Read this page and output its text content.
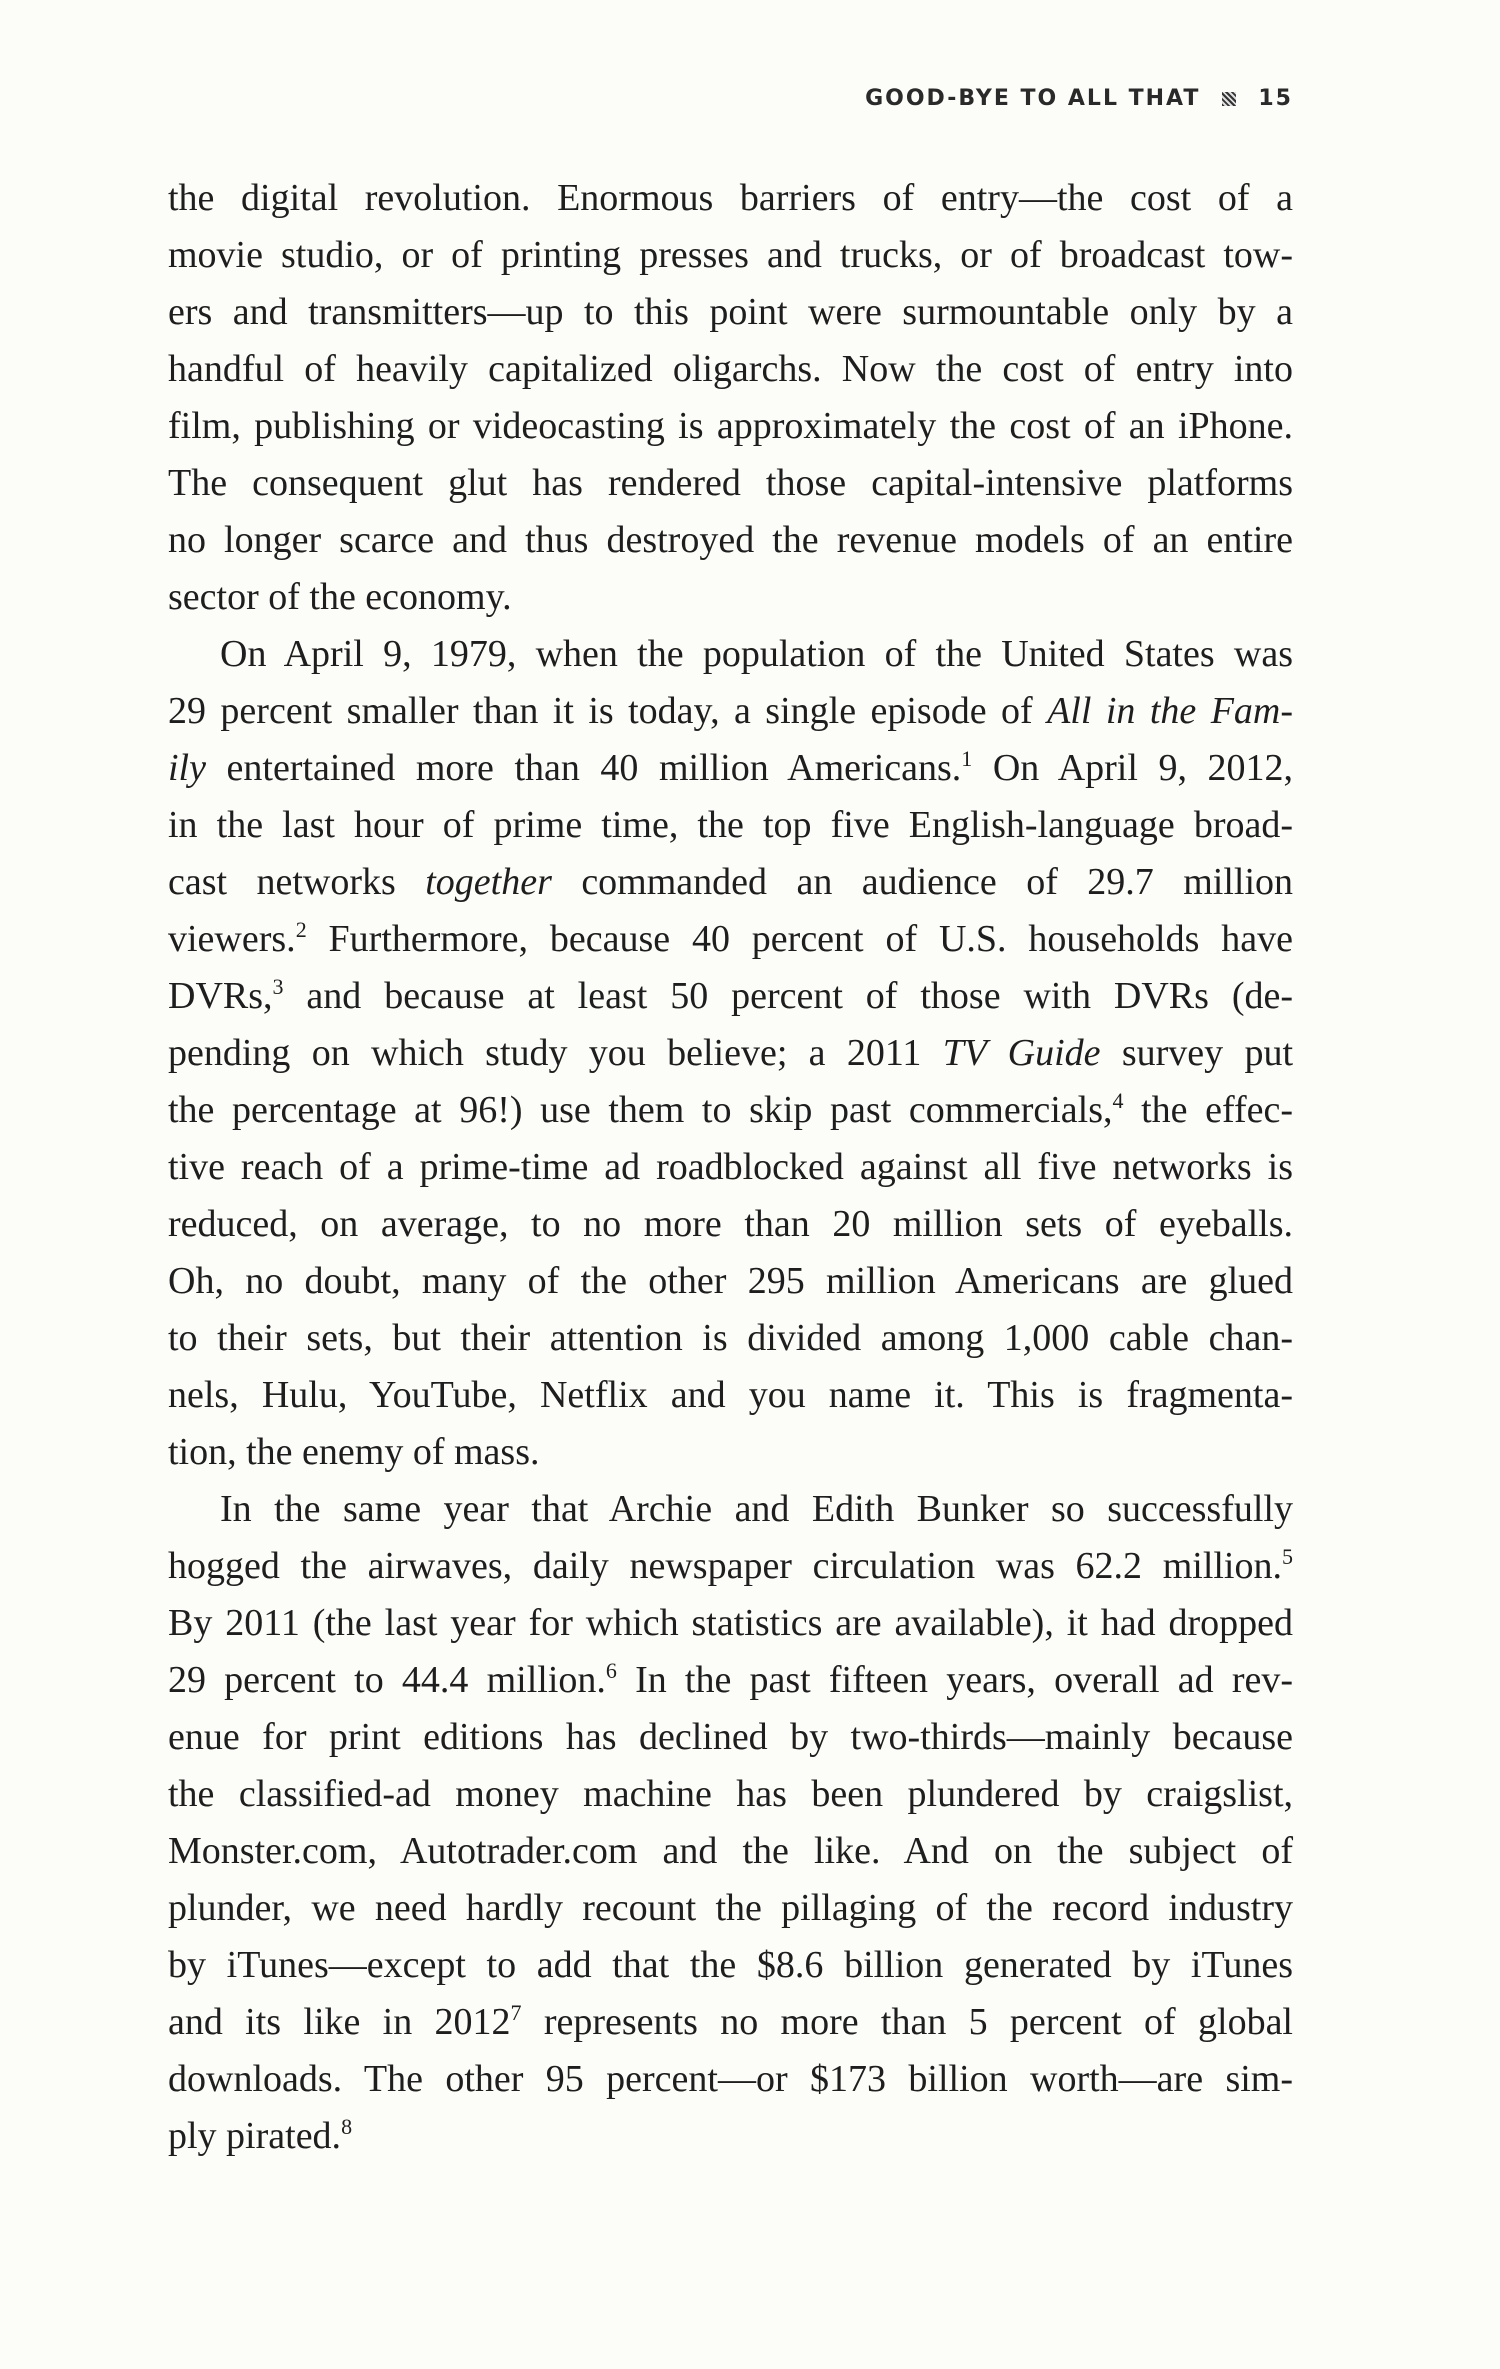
GOOD-BYE TO ALL THAT	15
the digital revolution. Enormous barriers of entry—the cost of a
movie studio, or of printing presses and trucks, or of broadcast tow-
ers and transmitters—up to this point were surmountable only by a
handful of heavily capitalized oligarchs. Now the cost of entry into
film, publishing or videocasting is approximately the cost of an iPhone.
The consequent glut has rendered those capital-intensive platforms
no longer scarce and thus destroyed the revenue models of an entire
sector of the economy.
On April 9, 1979, when the population of the United States was
29 percent smaller than it is today, a single episode of All in the Fam-
ily entertained more than 40 million Americans.$^1$ On April 9, 2012,
in the last hour of prime time, the top five English-language broad-
cast networks together commanded an audience of 29.7 million
viewers.$^2$ Furthermore, because 40 percent of U.S. households have
DVRs,$^3$ and because at least 50 percent of those with DVRs (de-
pending on which study you believe; a 2011 TV Guide survey put
the percentage at 96!) use them to skip past commercials,$^4$ the effec-
tive reach of a prime-time ad roadblocked against all five networks is
reduced, on average, to no more than 20 million sets of eyeballs.
Oh, no doubt, many of the other 295 million Americans are glued
to their sets, but their attention is divided among 1,000 cable chan-
nels, Hulu, YouTube, Netflix and you name it. This is fragmenta-
tion, the enemy of mass.
In the same year that Archie and Edith Bunker so successfully
hogged the airwaves, daily newspaper circulation was 62.2 million.$^5$
By 2011 (the last year for which statistics are available), it had dropped
29 percent to 44.4 million.$^6$ In the past fifteen years, overall ad rev-
enue for print editions has declined by two-thirds—mainly because
the classified-ad money machine has been plundered by craigslist,
Monster.com, Autotrader.com and the like. And on the subject of
plunder, we need hardly recount the pillaging of the record industry
by iTunes—except to add that the $8.6 billion generated by iTunes
and its like in 2012$^7$ represents no more than 5 percent of global
downloads. The other 95 percent—or $173 billion worth—are sim-
ply pirated.$^8$
